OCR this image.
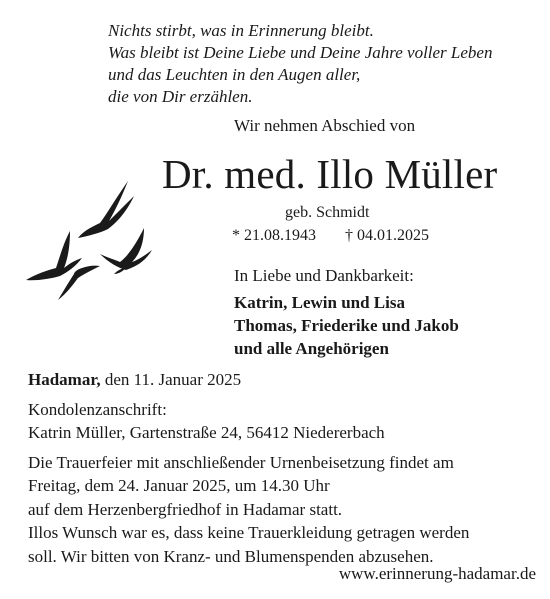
Nichts stirbt, was in Erinnerung bleibt.
Was bleibt ist Deine Liebe und Deine Jahre voller Leben
und das Leuchten in den Augen aller,
die von Dir erzählen.
Wir nehmen Abschied von
Dr. med. Illo Müller
geb. Schmidt
* 21.08.1943 † 04.01.2025
In Liebe und Dankbarkeit:
Katrin, Lewin und Lisa
Thomas, Friederike und Jakob
und alle Angehörigen
Hadamar, den 11. Januar 2025
Kondolenzanschrift:
Katrin Müller, Gartenstraße 24, 56412 Niedererbach
Die Trauerfeier mit anschließender Urnenbeisetzung findet am
Freitag, dem 24. Januar 2025, um 14.30 Uhr
auf dem Herzenbergfriedhof in Hadamar statt.
Illos Wunsch war es, dass keine Trauerkleidung getragen werden
soll. Wir bitten von Kranz- und Blumenspenden abzusehen.
www.erinnerung-hadamar.de
